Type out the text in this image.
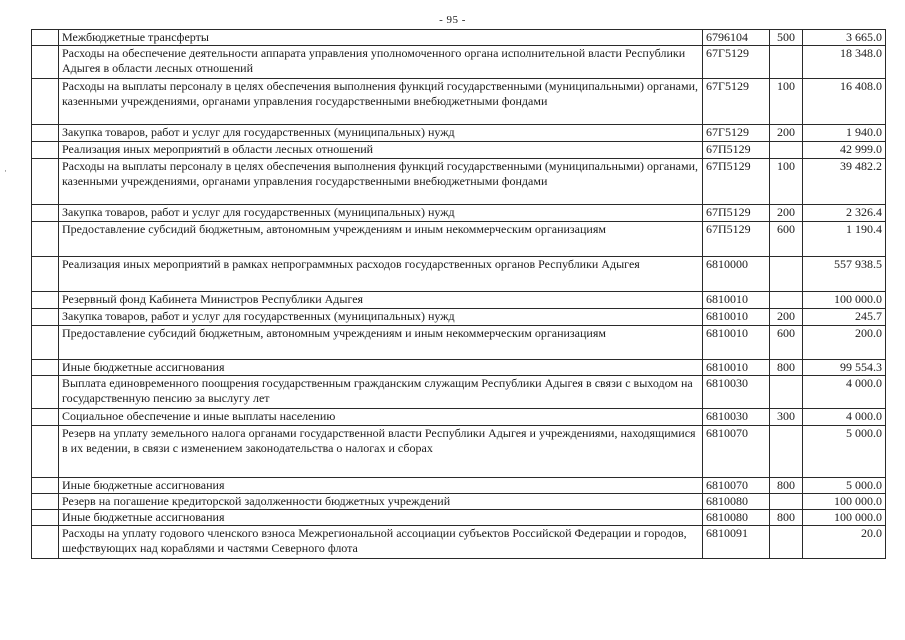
- 95 -
·
	Межбюджетные трансферты	6796104	500	3 665.0
	Расходы на обеспечение деятельности аппарата управления уполномоченного органа исполнительной власти Республики Адыгея в области лесных отношений	67Г5129		18 348.0
	Расходы на выплаты персоналу в целях обеспечения выполнения функций государственными (муниципальными) органами, казенными учреждениями, органами управления государственными внебюджетными фондами	67Г5129	100	16 408.0
	Закупка товаров, работ и услуг для государственных (муниципальных) нужд	67Г5129	200	1 940.0
	Реализация иных мероприятий в области лесных отношений	67П5129		42 999.0
	Расходы на выплаты персоналу в целях обеспечения выполнения функций государственными (муниципальными) органами, казенными учреждениями, органами управления государственными внебюджетными фондами	67П5129	100	39 482.2
	Закупка товаров, работ и услуг для государственных (муниципальных) нужд	67П5129	200	2 326.4
	Предоставление субсидий бюджетным, автономным учреждениям и иным некоммерческим организациям	67П5129	600	1 190.4
	Реализация иных мероприятий в рамках непрограммных расходов государственных органов Республики Адыгея	6810000		557 938.5
	Резервный фонд Кабинета Министров Республики Адыгея	6810010		100 000.0
	Закупка товаров, работ и услуг для государственных (муниципальных) нужд	6810010	200	245.7
	Предоставление субсидий бюджетным, автономным учреждениям и иным некоммерческим организациям	6810010	600	200.0
	Иные бюджетные ассигнования	6810010	800	99 554.3
	Выплата единовременного поощрения государственным гражданским служащим Республики Адыгея в связи с выходом на государственную пенсию за выслугу лет	6810030		4 000.0
	Социальное обеспечение и иные выплаты населению	6810030	300	4 000.0
	Резерв на уплату земельного налога органами государственной власти Республики Адыгея и учреждениями, находящимися в их ведении, в связи с изменением законодательства о налогах и сборах	6810070		5 000.0
	Иные бюджетные ассигнования	6810070	800	5 000.0
	Резерв на погашение кредиторской задолженности бюджетных учреждений	6810080		100 000.0
	Иные бюджетные ассигнования	6810080	800	100 000.0
	Расходы на уплату годового членского взноса Межрегиональной ассоциации субъектов Российской Федерации и городов, шефствующих над кораблями и частями Северного флота	6810091		20.0
